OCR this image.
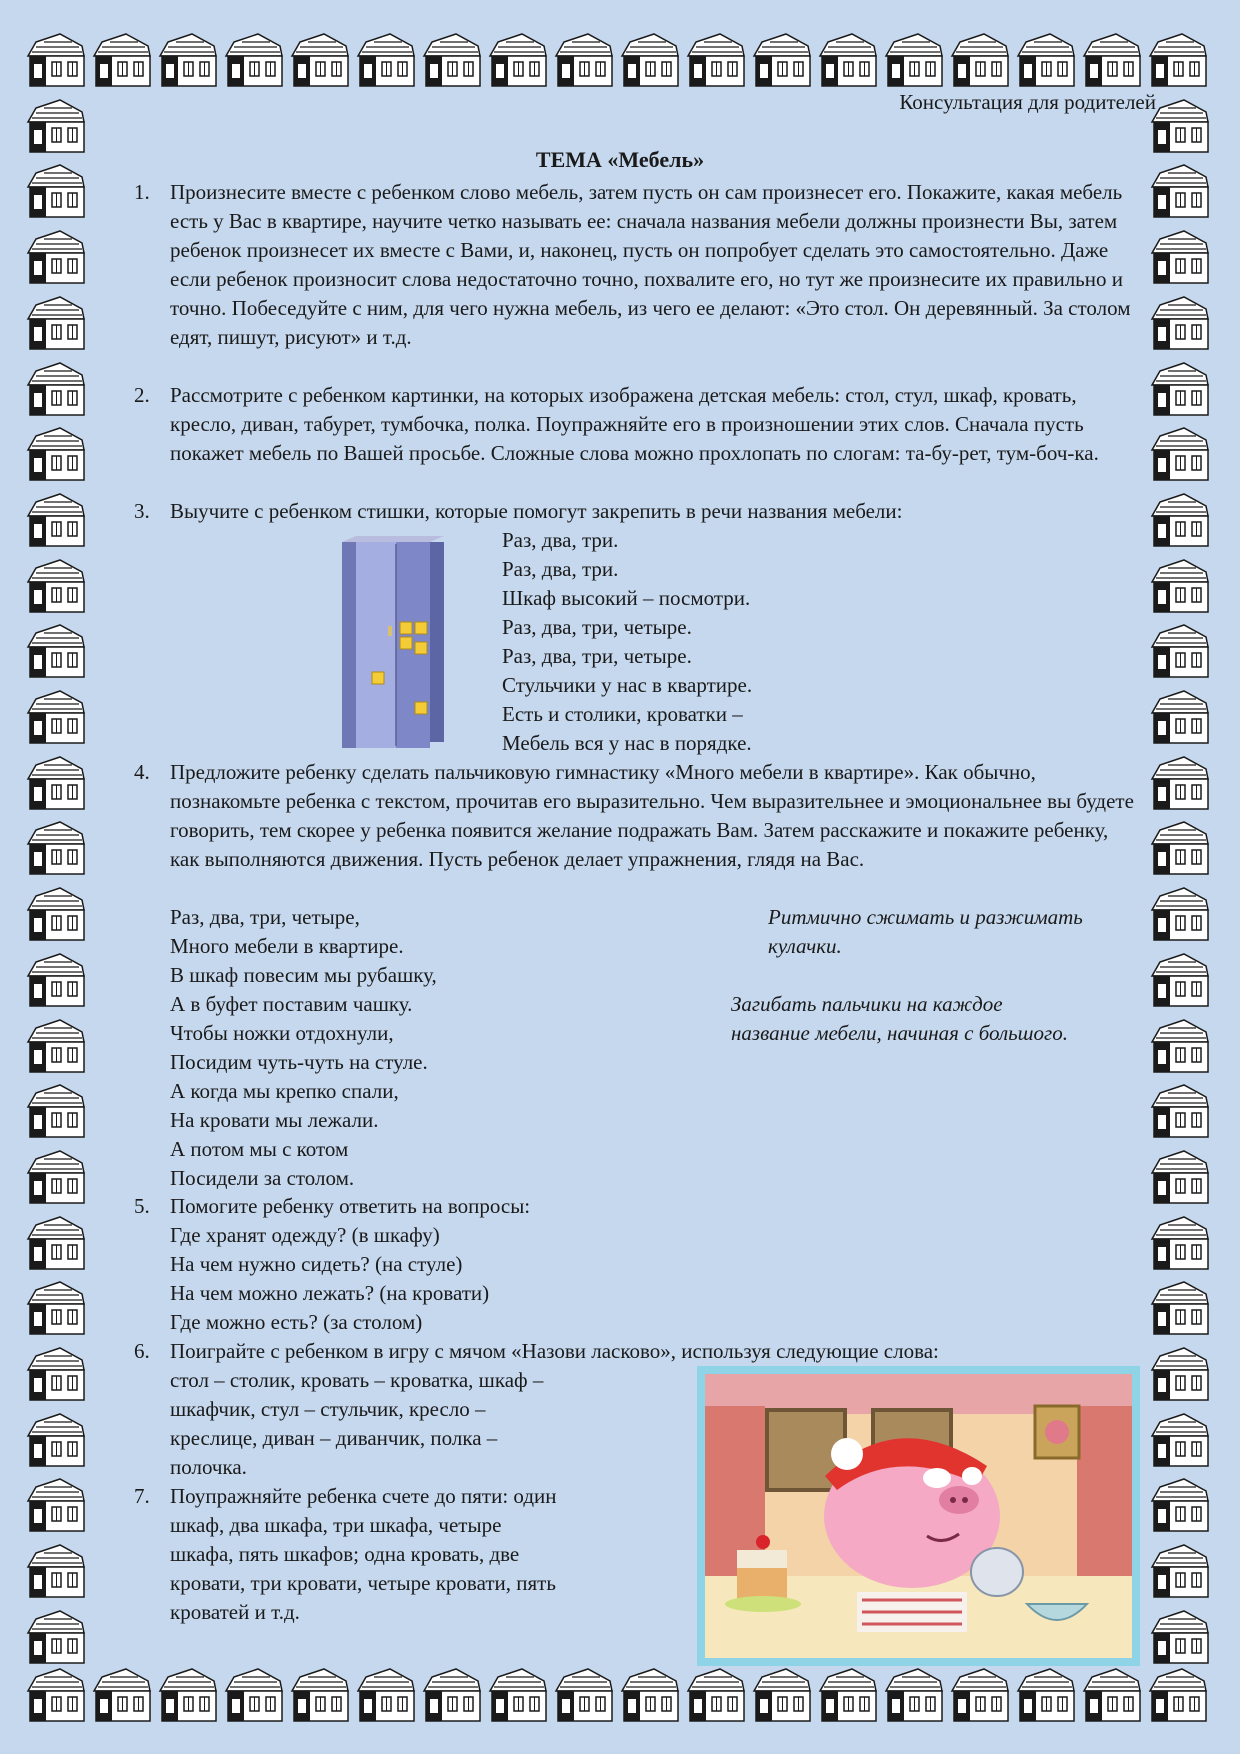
Консультация для родителей
ТЕМА «Мебель»
1. Произнесите вместе с ребенком слово мебель, затем пусть он сам произнесет его. Покажите, какая мебель есть у Вас в квартире, научите четко называть ее: сначала названия мебели должны произнести Вы, затем ребенок произнесет их вместе с Вами, и, наконец, пусть он попробует сделать это самостоятельно. Даже если ребенок произносит слова недостаточно точно, похвалите его, но тут же произнесите их правильно и точно. Побеседуйте с ним, для чего нужна мебель, из чего ее делают: «Это стол. Он деревянный. За столом едят, пишут, рисуют» и т.д.

2. Рассмотрите с ребенком картинки, на которых изображена детская мебель: стол, стул, шкаф, кровать, кресло, диван, табурет, тумбочка, полка. Поупражняйте его в произношении этих слов. Сначала пусть покажет мебель по Вашей просьбе. Сложные слова можно прохлопать по слогам: та-бу-рет, тум-боч-ка.

3. Выучите с ребенком стишки, которые помогут закрепить в речи названия мебели:

Раз, два, три.
Раз, два, три.
Шкаф высокий – посмотри.
Раз, два, три, четыре.
Раз, два, три, четыре.
Стульчики у нас в квартире.
Есть и столики, кроватки –
Мебель вся у нас в порядке.
4. Предложите ребенку сделать пальчиковую гимнастику «Много мебели в квартире». Как обычно, познакомьте ребенка с текстом, прочитав его выразительно. Чем выразительнее и эмоциональнее вы будете говорить, тем скорее у ребенка появится желание подражать Вам. Затем расскажите и покажите ребенку, как выполняются движения. Пусть ребенок делает упражнения, глядя на Вас.

Раз, два, три, четыре,
Много мебели в квартире.
В шкаф повесим мы рубашку,
А в буфет поставим чашку.
Чтобы ножки отдохнули,
Посидим чуть-чуть на стуле.
А когда мы крепко спали,
На кровати мы лежали.
А потом мы с котом
Посидели за столом.
Ритмично сжимать и разжимать
кулачки.
Загибать пальчики на каждое
название мебели, начиная с большого.
5. Помогите ребенку ответить на вопросы:
Где хранят одежду? (в шкафу)
На чем нужно сидеть? (на стуле)
На чем можно лежать? (на кровати)
Где можно есть? (за столом)
6. Поиграйте с ребенком в игру с мячом «Назови ласково», используя следующие слова:
стол – столик, кровать – кроватка, шкаф –
шкафчик, стул – стульчик, кресло –
креслице, диван – диванчик, полка –
полочка.
7. Поупражняйте ребенка счете до пяти: один
шкаф, два шкафа, три шкафа, четыре
шкафа, пять шкафов; одна кровать, две
кровати, три кровати, четыре кровати, пять
кроватей и т.д.
